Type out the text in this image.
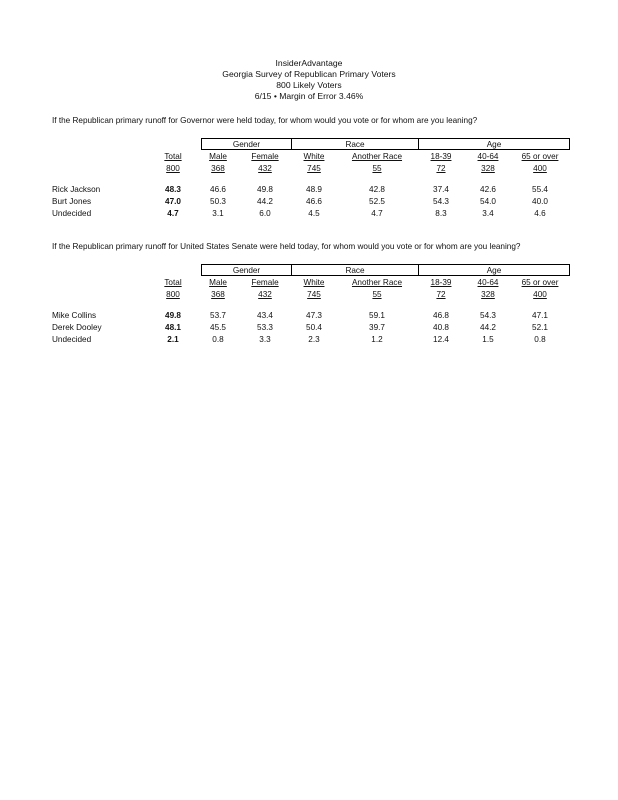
InsiderAdvantage
Georgia Survey of Republican Primary Voters
800 Likely Voters
6/15 • Margin of Error 3.46%
If the Republican primary runoff for Governor were held today, for whom would you vote or for whom are you leaning?
Gender	Race	Age
Total	Male	Female	White	Another Race	18-39	40-64	65 or over
800	368	432	745	55	72	328	400
Rick Jackson	48.3	46.6	49.8	48.9	42.8	37.4	42.6	55.4
Burt Jones	47.0	50.3	44.2	46.6	52.5	54.3	54.0	40.0
Undecided	4.7	3.1	6.0	4.5	4.7	8.3	3.4	4.6
If the Republican primary runoff for United States Senate were held today, for whom would you vote or for whom are you leaning?
Gender	Race	Age
Total	Male	Female	White	Another Race	18-39	40-64	65 or over
800	368	432	745	55	72	328	400
Mike Collins	49.8	53.7	43.4	47.3	59.1	46.8	54.3	47.1
Derek Dooley	48.1	45.5	53.3	50.4	39.7	40.8	44.2	52.1
Undecided	2.1	0.8	3.3	2.3	1.2	12.4	1.5	0.8
